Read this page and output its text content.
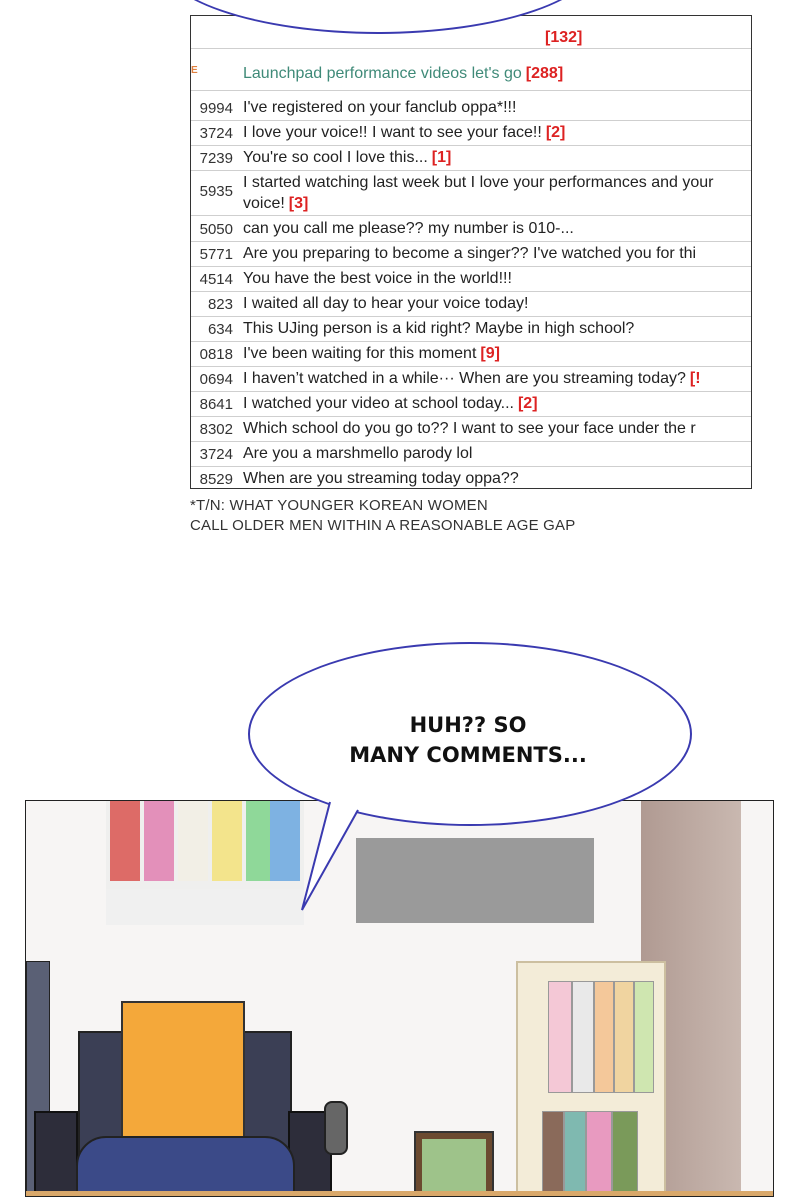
[132]
E	Launchpad performance videos let's go [288]
9994 I've registered on your fanclub oppa*!!!
3724 I love your voice!! I want to see your face!! [2]
7239 You're so cool I love this... [1]
5935
I started watching last week but I love your performances and your voice! [3]
5050 can you call me please?? my number is 010-...
5771 Are you preparing to become a singer?? I've watched you for thi
4514 You have the best voice in the world!!!
823 I waited all day to hear your voice today!
634 This UJing person is a kid right? Maybe in high school?
0818 I've been waiting for this moment [9]
0694 I haven’t watched in a while··· When are you streaming today? [!
8641 I watched your video at school today... [2]
8302 Which school do you go to?? I want to see your face under the r
3724 Are you a marshmello parody lol
8529 When are you streaming today oppa??
*T/N: WHAT YOUNGER KOREAN WOMEN
CALL OLDER MEN WITHIN A REASONABLE AGE GAP
HUH?? SO
MANY COMMENTS...
